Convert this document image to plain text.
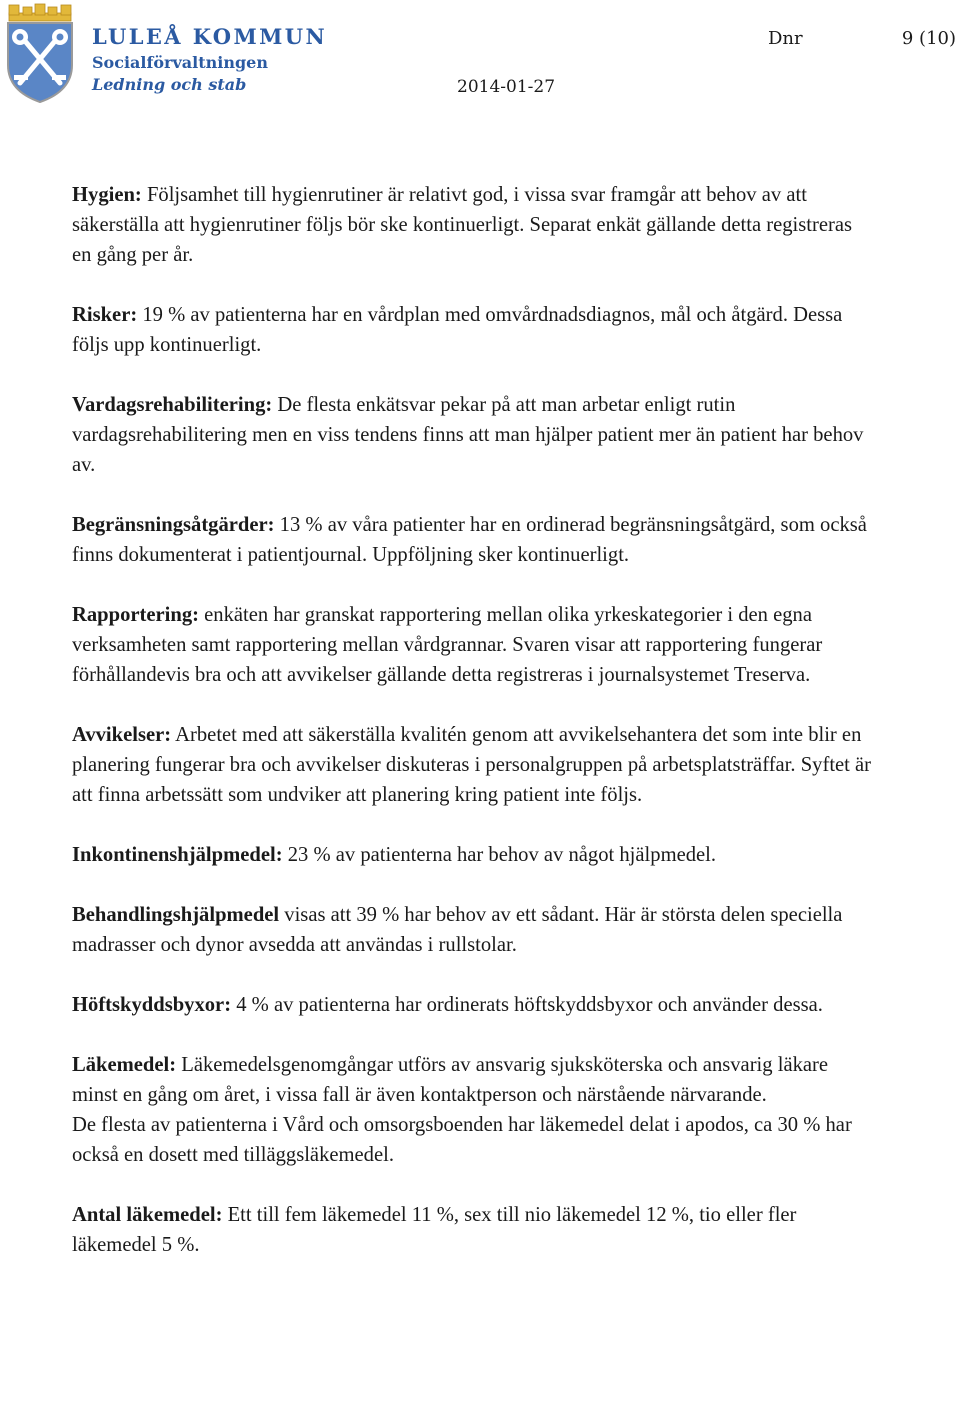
LULEÅ KOMMUN
Socialförvaltningen
Ledning och stab
Dnr	9 (10)
2014-01-27

Hygien: Följsamhet till hygienrutiner är relativt god, i vissa svar framgår att behov av att säkerställa att hygienrutiner följs bör ske kontinuerligt. Separat enkät gällande detta registreras en gång per år.

Risker: 19 % av patienterna har en vårdplan med omvårdnadsdiagnos, mål och åtgärd. Dessa följs upp kontinuerligt.

Vardagsrehabilitering: De flesta enkätsvar pekar på att man arbetar enligt rutin vardagsrehabilitering men en viss tendens finns att man hjälper patient mer än patient har behov av.

Begränsningsåtgärder: 13 % av våra patienter har en ordinerad begränsningsåtgärd, som också finns dokumenterat i patientjournal. Uppföljning sker kontinuerligt.

Rapportering: enkäten har granskat rapportering mellan olika yrkeskategorier i den egna verksamheten samt rapportering mellan vårdgrannar. Svaren visar att rapportering fungerar förhållandevis bra och att avvikelser gällande detta registreras i journalsystemet Treserva.

Avvikelser: Arbetet med att säkerställa kvalitén genom att avvikelsehantera det som inte blir en planering fungerar bra och avvikelser diskuteras i personalgruppen på arbetsplatsträffar. Syftet är att finna arbetssätt som undviker att planering kring patient inte följs.

Inkontinenshjälpmedel: 23 % av patienterna har behov av något hjälpmedel.

Behandlingshjälpmedel visas att 39 % har behov av ett sådant. Här är största delen speciella madrasser och dynor avsedda att användas i rullstolar.

Höftskyddsbyxor: 4 % av patienterna har ordinerats höftskyddsbyxor och använder dessa.

Läkemedel: Läkemedelsgenomgångar utförs av ansvarig sjuksköterska och ansvarig läkare minst en gång om året, i vissa fall är även kontaktperson och närstående närvarande.

De flesta av patienterna i Vård och omsorgsboenden har läkemedel delat i apodos, ca 30 % har också en dosett med tilläggsläkemedel.

Antal läkemedel: Ett till fem läkemedel 11 %, sex till nio läkemedel 12 %, tio eller fler läkemedel 5 %.
